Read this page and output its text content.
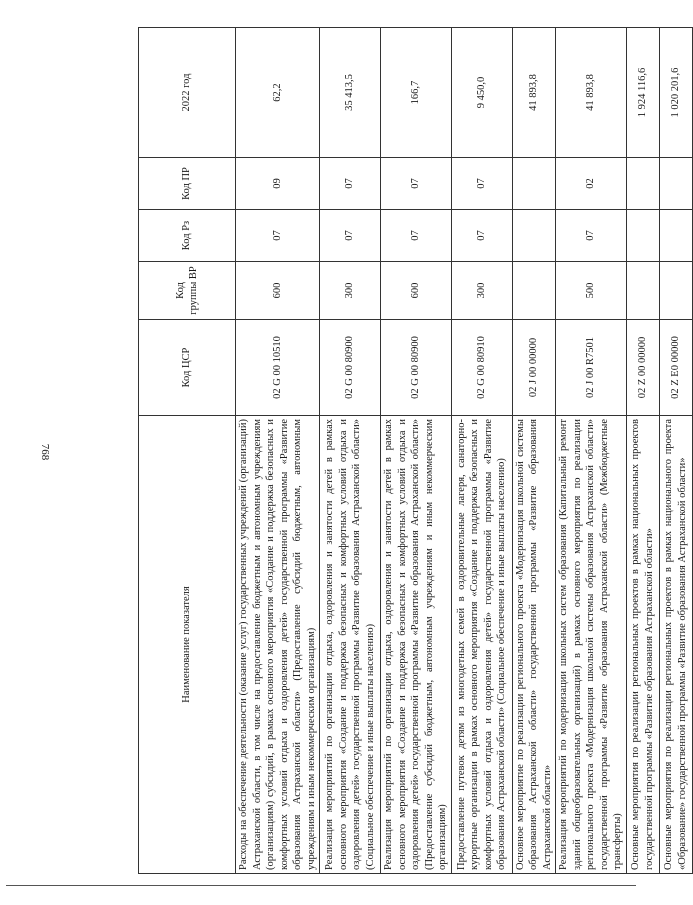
768
Наименование показателя	Код ЦСР	Код группы ВР	Код Рз	Код ПР	2022 год
Расходы на обеспечение деятельности (оказание услуг) государственных учреждений (организаций) Астраханской области, в том числе на предоставление бюджетным и автономным учреждениям (организациям) субсидий, в рамках основного мероприятия «Создание и поддержка безопасных и комфортных условий отдыха и оздоровления детей» государственной программы «Развитие образования Астраханской области» (Предоставление субсидий бюджетным, автономным учреждениям и иным некоммерческим организациям)	02 G 00 10510	600	07	09	62,2
Реализация мероприятий по организации отдыха, оздоровления и занятости детей в рамках основного мероприятия «Создание и поддержка безопасных и комфортных условий отдыха и оздоровления детей» государственной программы «Развитие образования Астраханской области» (Социальное обеспечение и иные выплаты населению)	02 G 00 80900	300	07	07	35 413,5
Реализация мероприятий по организации отдыха, оздоровления и занятости детей в рамках основного мероприятия «Создание и поддержка безопасных и комфортных условий отдыха и оздоровления детей» государственной программы «Развитие образования Астраханской области» (Предоставление субсидий бюджетным, автономным учреждениям и иным некоммерческим организациям)	02 G 00 80900	600	07	07	166,7
Предоставление путевок детям из многодетных семей в оздоровительные лагеря, санаторно-курортные организации в рамках основного мероприятия «Создание и поддержка безопасных и комфортных условий отдыха и оздоровления детей» государственной программы «Развитие образования Астраханской области» (Социальное обеспечение и иные выплаты населению)	02 G 00 80910	300	07	07	9 450,0
Основное мероприятие по реализации регионального проекта «Модернизация школьной системы образования Астраханской области» государственной программы «Развитие образования Астраханской области»	02 J 00 00000				41 893,8
Реализация мероприятий по модернизации школьных систем образования (Капитальный ремонт зданий общеобразовательных организаций) в рамках основного мероприятия по реализации регионального проекта «Модернизация школьной системы образования Астраханской области» государственной программы «Развитие образования Астраханской области» (Межбюджетные трансферты)	02 J 00 R7501	500	07	02	41 893,8
Основные мероприятия по реализации региональных проектов в рамках национальных проектов государственной программы «Развитие образования Астраханской области»	02 Z 00 00000				1 924 116,6
Основные мероприятия по реализации региональных проектов в рамках национального проекта «Образование» государственной программы «Развитие образования Астраханской области»	02 Z E0 00000				1 020 201,6
